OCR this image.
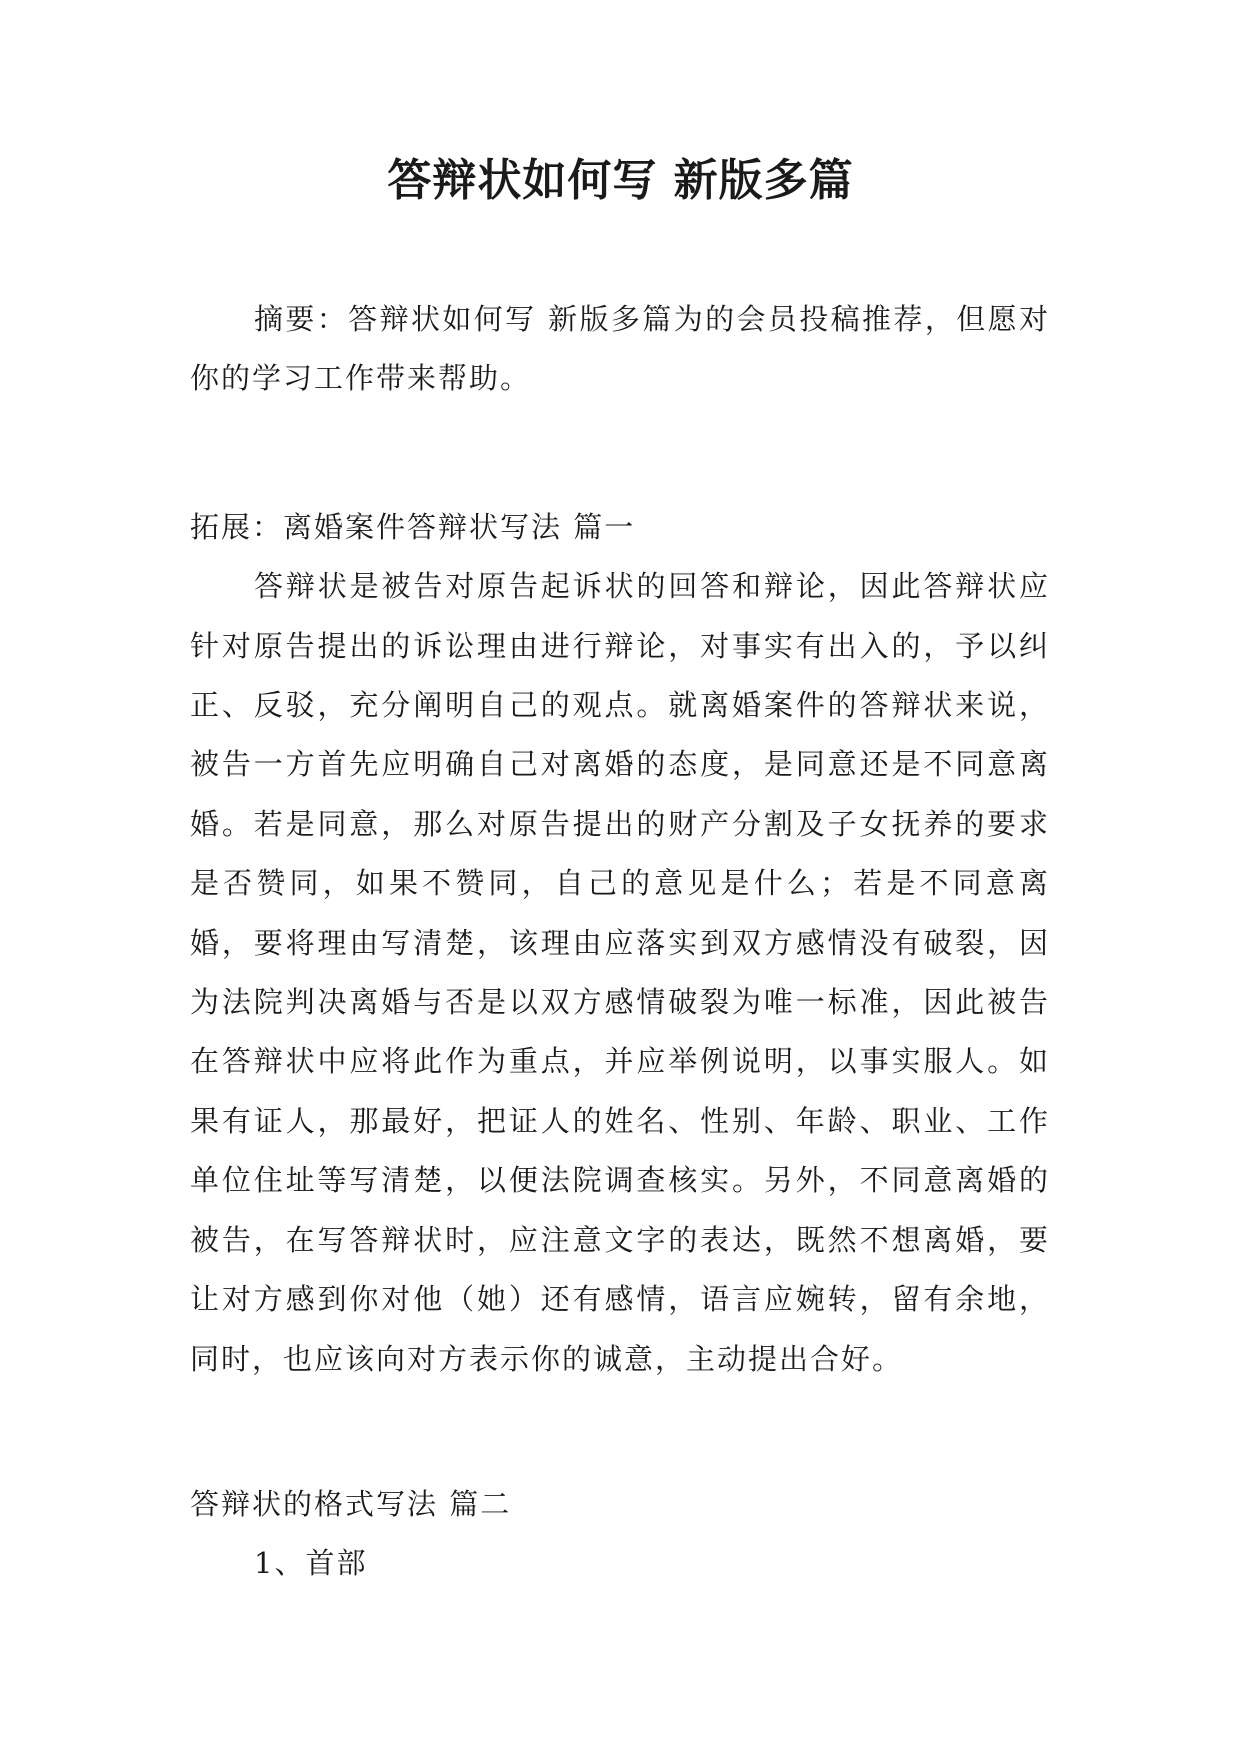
答辩状如何写 新版多篇

摘要：答辩状如何写 新版多篇为的会员投稿推荐，但愿对你的学习工作带来帮助。

拓展：离婚案件答辩状写法 篇一

答辩状是被告对原告起诉状的回答和辩论，因此答辩状应针对原告提出的诉讼理由进行辩论，对事实有出入的，予以纠正、反驳，充分阐明自己的观点。就离婚案件的答辩状来说，被告一方首先应明确自己对离婚的态度，是同意还是不同意离婚。若是同意，那么对原告提出的财产分割及子女抚养的要求是否赞同，如果不赞同，自己的意见是什么；若是不同意离婚，要将理由写清楚，该理由应落实到双方感情没有破裂，因为法院判决离婚与否是以双方感情破裂为唯一标准，因此被告在答辩状中应将此作为重点，并应举例说明，以事实服人。如果有证人，那最好，把证人的姓名、性别、年龄、职业、工作单位住址等写清楚，以便法院调查核实。另外，不同意离婚的被告，在写答辩状时，应注意文字的表达，既然不想离婚，要让对方感到你对他（她）还有感情，语言应婉转，留有余地，同时，也应该向对方表示你的诚意，主动提出合好。

答辩状的格式写法 篇二

1、首部
